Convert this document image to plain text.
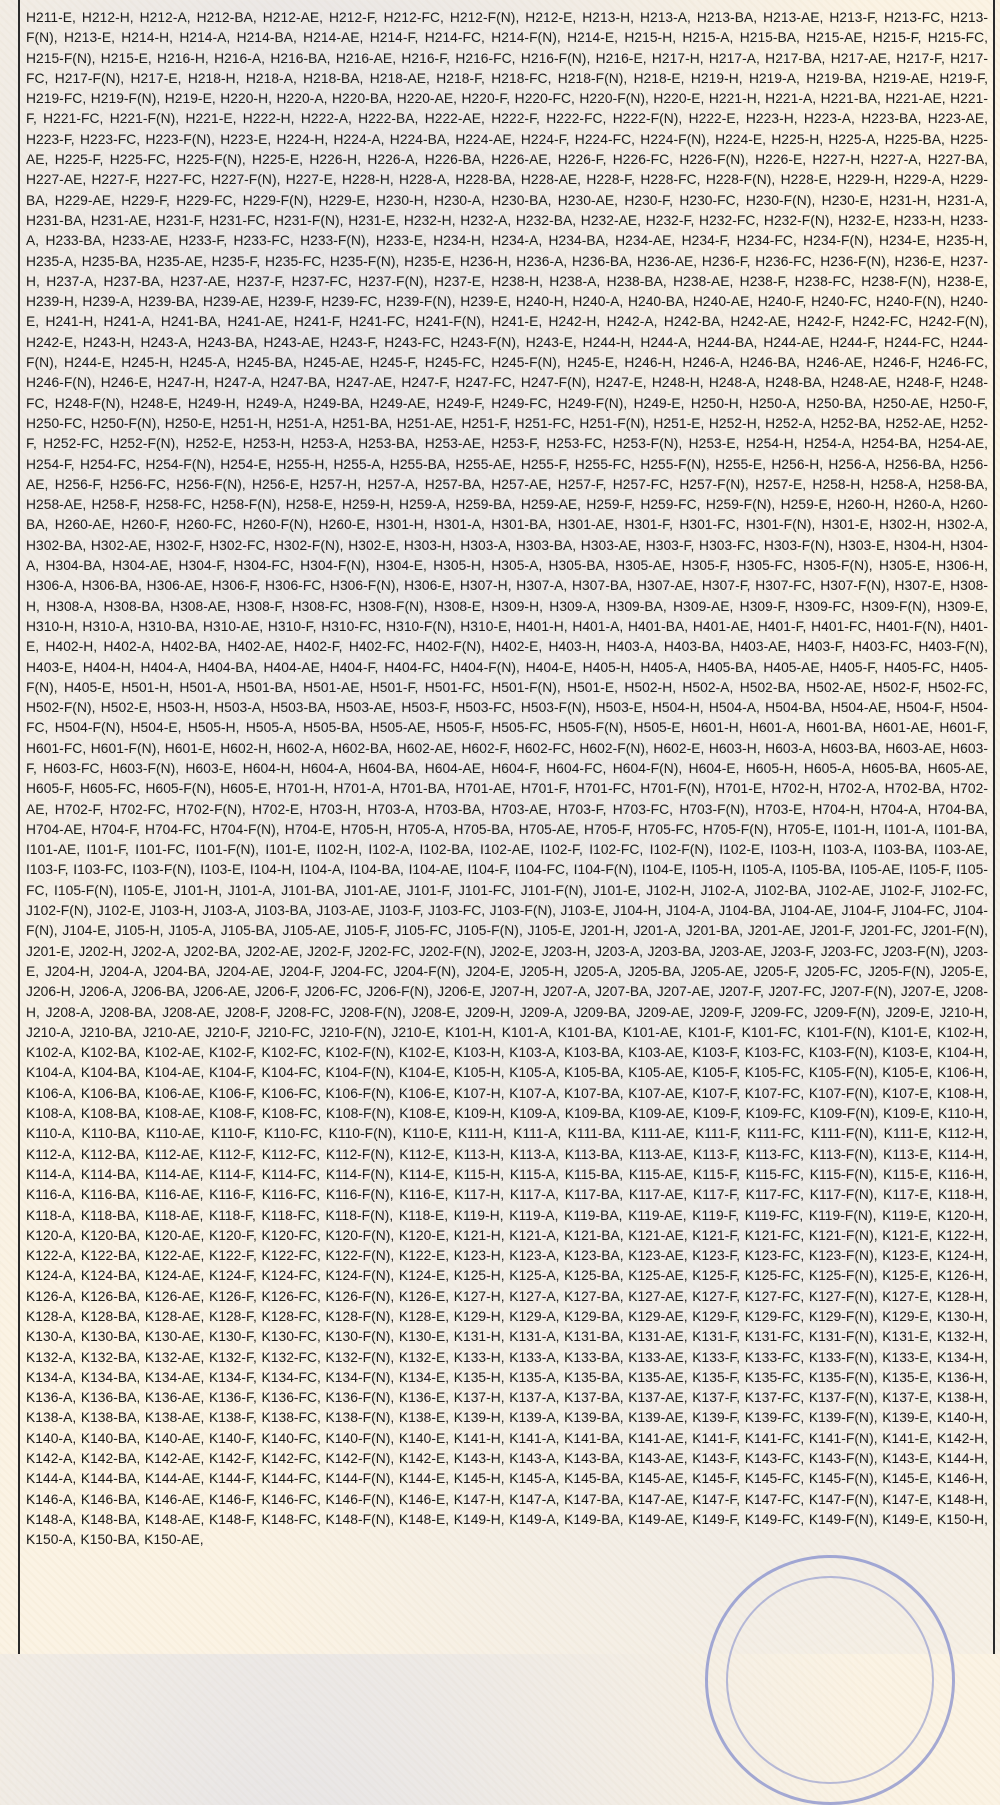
H211-E, H212-H, H212-A, H212-BA, H212-AE, H212-F, H212-FC, H212-F(N), H212-E, H213-H, H213-A, H213-BA, H213-AE, H213-F, H213-FC, H213-F(N), H213-E, H214-H, H214-A, H214-BA, H214-AE, H214-F, H214-FC, H214-F(N), H214-E, H215-H, H215-A, H215-BA, H215-AE, H215-F, H215-FC, H215-F(N), H215-E, H216-H, H216-A, H216-BA, H216-AE, H216-F, H216-FC, H216-F(N), H216-E, H217-H, H217-A, H217-BA, H217-AE, H217-F, H217-FC, H217-F(N), H217-E, H218-H, H218-A, H218-BA, H218-AE, H218-F, H218-FC, H218-F(N), H218-E, H219-H, H219-A, H219-BA, H219-AE, H219-F, H219-FC, H219-F(N), H219-E, H220-H, H220-A, H220-BA, H220-AE, H220-F, H220-FC, H220-F(N), H220-E, H221-H, H221-A, H221-BA, H221-AE, H221-F, H221-FC, H221-F(N), H221-E, H222-H, H222-A, H222-BA, H222-AE, H222-F, H222-FC, H222-F(N), H222-E, H223-H, H223-A, H223-BA, H223-AE, H223-F, H223-FC, H223-F(N), H223-E, H224-H, H224-A, H224-BA, H224-AE, H224-F, H224-FC, H224-F(N), H224-E, H225-H, H225-A, H225-BA, H225-AE, H225-F, H225-FC, H225-F(N), H225-E, H226-H, H226-A, H226-BA, H226-AE, H226-F, H226-FC, H226-F(N), H226-E, H227-H, H227-A, H227-BA, H227-AE, H227-F, H227-FC, H227-F(N), H227-E, H228-H, H228-A, H228-BA, H228-AE, H228-F, H228-FC, H228-F(N), H228-E, H229-H, H229-A, H229-BA, H229-AE, H229-F, H229-FC, H229-F(N), H229-E, H230-H, H230-A, H230-BA, H230-AE, H230-F, H230-FC, H230-F(N), H230-E, H231-H, H231-A, H231-BA, H231-AE, H231-F, H231-FC, H231-F(N), H231-E, H232-H, H232-A, H232-BA, H232-AE, H232-F, H232-FC, H232-F(N), H232-E, H233-H, H233-A, H233-BA, H233-AE, H233-F, H233-FC, H233-F(N), H233-E, H234-H, H234-A, H234-BA, H234-AE, H234-F, H234-FC, H234-F(N), H234-E, H235-H, H235-A, H235-BA, H235-AE, H235-F, H235-FC, H235-F(N), H235-E, H236-H, H236-A, H236-BA, H236-AE, H236-F, H236-FC, H236-F(N), H236-E, H237-H, H237-A, H237-BA, H237-AE, H237-F, H237-FC, H237-F(N), H237-E, H238-H, H238-A, H238-BA, H238-AE, H238-F, H238-FC, H238-F(N), H238-E, H239-H, H239-A, H239-BA, H239-AE, H239-F, H239-FC, H239-F(N), H239-E, H240-H, H240-A, H240-BA, H240-AE, H240-F, H240-FC, H240-F(N), H240-E, H241-H, H241-A, H241-BA, H241-AE, H241-F, H241-FC, H241-F(N), H241-E, H242-H, H242-A, H242-BA, H242-AE, H242-F, H242-FC, H242-F(N), H242-E, H243-H, H243-A, H243-BA, H243-AE, H243-F, H243-FC, H243-F(N), H243-E, H244-H, H244-A, H244-BA, H244-AE, H244-F, H244-FC, H244-F(N), H244-E, H245-H, H245-A, H245-BA, H245-AE, H245-F, H245-FC, H245-F(N), H245-E, H246-H, H246-A, H246-BA, H246-AE, H246-F, H246-FC, H246-F(N), H246-E, H247-H, H247-A, H247-BA, H247-AE, H247-F, H247-FC, H247-F(N), H247-E, H248-H, H248-A, H248-BA, H248-AE, H248-F, H248-FC, H248-F(N), H248-E, H249-H, H249-A, H249-BA, H249-AE, H249-F, H249-FC, H249-F(N), H249-E, H250-H, H250-A, H250-BA, H250-AE, H250-F, H250-FC, H250-F(N), H250-E, H251-H, H251-A, H251-BA, H251-AE, H251-F, H251-FC, H251-F(N), H251-E, H252-H, H252-A, H252-BA, H252-AE, H252-F, H252-FC, H252-F(N), H252-E, H253-H, H253-A, H253-BA, H253-AE, H253-F, H253-FC, H253-F(N), H253-E, H254-H, H254-A, H254-BA, H254-AE, H254-F, H254-FC, H254-F(N), H254-E, H255-H, H255-A, H255-BA, H255-AE, H255-F, H255-FC, H255-F(N), H255-E, H256-H, H256-A, H256-BA, H256-AE, H256-F, H256-FC, H256-F(N), H256-E, H257-H, H257-A, H257-BA, H257-AE, H257-F, H257-FC, H257-F(N), H257-E, H258-H, H258-A, H258-BA, H258-AE, H258-F, H258-FC, H258-F(N), H258-E, H259-H, H259-A, H259-BA, H259-AE, H259-F, H259-FC, H259-F(N), H259-E, H260-H, H260-A, H260-BA, H260-AE, H260-F, H260-FC, H260-F(N), H260-E, H301-H, H301-A, H301-BA, H301-AE, H301-F, H301-FC, H301-F(N), H301-E, H302-H, H302-A, H302-BA, H302-AE, H302-F, H302-FC, H302-F(N), H302-E, H303-H, H303-A, H303-BA, H303-AE, H303-F, H303-FC, H303-F(N), H303-E, H304-H, H304-A, H304-BA, H304-AE, H304-F, H304-FC, H304-F(N), H304-E, H305-H, H305-A, H305-BA, H305-AE, H305-F, H305-FC, H305-F(N), H305-E, H306-H, H306-A, H306-BA, H306-AE, H306-F, H306-FC, H306-F(N), H306-E, H307-H, H307-A, H307-BA, H307-AE, H307-F, H307-FC, H307-F(N), H307-E, H308-H, H308-A, H308-BA, H308-AE, H308-F, H308-FC, H308-F(N), H308-E, H309-H, H309-A, H309-BA, H309-AE, H309-F, H309-FC, H309-F(N), H309-E, H310-H, H310-A, H310-BA, H310-AE, H310-F, H310-FC, H310-F(N), H310-E, H401-H, H401-A, H401-BA, H401-AE, H401-F, H401-FC, H401-F(N), H401-E, H402-H, H402-A, H402-BA, H402-AE, H402-F, H402-FC, H402-F(N), H402-E, H403-H, H403-A, H403-BA, H403-AE, H403-F, H403-FC, H403-F(N), H403-E, H404-H, H404-A, H404-BA, H404-AE, H404-F, H404-FC, H404-F(N), H404-E, H405-H, H405-A, H405-BA, H405-AE, H405-F, H405-FC, H405-F(N), H405-E, H501-H, H501-A, H501-BA, H501-AE, H501-F, H501-FC, H501-F(N), H501-E, H502-H, H502-A, H502-BA, H502-AE, H502-F, H502-FC, H502-F(N), H502-E, H503-H, H503-A, H503-BA, H503-AE, H503-F, H503-FC, H503-F(N), H503-E, H504-H, H504-A, H504-BA, H504-AE, H504-F, H504-FC, H504-F(N), H504-E, H505-H, H505-A, H505-BA, H505-AE, H505-F, H505-FC, H505-F(N), H505-E, H601-H, H601-A, H601-BA, H601-AE, H601-F, H601-FC, H601-F(N), H601-E, H602-H, H602-A, H602-BA, H602-AE, H602-F, H602-FC, H602-F(N), H602-E, H603-H, H603-A, H603-BA, H603-AE, H603-F, H603-FC, H603-F(N), H603-E, H604-H, H604-A, H604-BA, H604-AE, H604-F, H604-FC, H604-F(N), H604-E, H605-H, H605-A, H605-BA, H605-AE, H605-F, H605-FC, H605-F(N), H605-E, H701-H, H701-A, H701-BA, H701-AE, H701-F, H701-FC, H701-F(N), H701-E, H702-H, H702-A, H702-BA, H702-AE, H702-F, H702-FC, H702-F(N), H702-E, H703-H, H703-A, H703-BA, H703-AE, H703-F, H703-FC, H703-F(N), H703-E, H704-H, H704-A, H704-BA, H704-AE, H704-F, H704-FC, H704-F(N), H704-E, H705-H, H705-A, H705-BA, H705-AE, H705-F, H705-FC, H705-F(N), H705-E, I101-H, I101-A, I101-BA, I101-AE, I101-F, I101-FC, I101-F(N), I101-E, I102-H, I102-A, I102-BA, I102-AE, I102-F, I102-FC, I102-F(N), I102-E, I103-H, I103-A, I103-BA, I103-AE, I103-F, I103-FC, I103-F(N), I103-E, I104-H, I104-A, I104-BA, I104-AE, I104-F, I104-FC, I104-F(N), I104-E, I105-H, I105-A, I105-BA, I105-AE, I105-F, I105-FC, I105-F(N), I105-E, J101-H, J101-A, J101-BA, J101-AE, J101-F, J101-FC, J101-F(N), J101-E, J102-H, J102-A, J102-BA, J102-AE, J102-F, J102-FC, J102-F(N), J102-E, J103-H, J103-A, J103-BA, J103-AE, J103-F, J103-FC, J103-F(N), J103-E, J104-H, J104-A, J104-BA, J104-AE, J104-F, J104-FC, J104-F(N), J104-E, J105-H, J105-A, J105-BA, J105-AE, J105-F, J105-FC, J105-F(N), J105-E, J201-H, J201-A, J201-BA, J201-AE, J201-F, J201-FC, J201-F(N), J201-E, J202-H, J202-A, J202-BA, J202-AE, J202-F, J202-FC, J202-F(N), J202-E, J203-H, J203-A, J203-BA, J203-AE, J203-F, J203-FC, J203-F(N), J203-E, J204-H, J204-A, J204-BA, J204-AE, J204-F, J204-FC, J204-F(N), J204-E, J205-H, J205-A, J205-BA, J205-AE, J205-F, J205-FC, J205-F(N), J205-E, J206-H, J206-A, J206-BA, J206-AE, J206-F, J206-FC, J206-F(N), J206-E, J207-H, J207-A, J207-BA, J207-AE, J207-F, J207-FC, J207-F(N), J207-E, J208-H, J208-A, J208-BA, J208-AE, J208-F, J208-FC, J208-F(N), J208-E, J209-H, J209-A, J209-BA, J209-AE, J209-F, J209-FC, J209-F(N), J209-E, J210-H, J210-A, J210-BA, J210-AE, J210-F, J210-FC, J210-F(N), J210-E, K101-H, K101-A, K101-BA, K101-AE, K101-F, K101-FC, K101-F(N), K101-E, K102-H, K102-A, K102-BA, K102-AE, K102-F, K102-FC, K102-F(N), K102-E, K103-H, K103-A, K103-BA, K103-AE, K103-F, K103-FC, K103-F(N), K103-E, K104-H, K104-A, K104-BA, K104-AE, K104-F, K104-FC, K104-F(N), K104-E, K105-H, K105-A, K105-BA, K105-AE, K105-F, K105-FC, K105-F(N), K105-E, K106-H, K106-A, K106-BA, K106-AE, K106-F, K106-FC, K106-F(N), K106-E, K107-H, K107-A, K107-BA, K107-AE, K107-F, K107-FC, K107-F(N), K107-E, K108-H, K108-A, K108-BA, K108-AE, K108-F, K108-FC, K108-F(N), K108-E, K109-H, K109-A, K109-BA, K109-AE, K109-F, K109-FC, K109-F(N), K109-E, K110-H, K110-A, K110-BA, K110-AE, K110-F, K110-FC, K110-F(N), K110-E, K111-H, K111-A, K111-BA, K111-AE, K111-F, K111-FC, K111-F(N), K111-E, K112-H, K112-A, K112-BA, K112-AE, K112-F, K112-FC, K112-F(N), K112-E, K113-H, K113-A, K113-BA, K113-AE, K113-F, K113-FC, K113-F(N), K113-E, K114-H, K114-A, K114-BA, K114-AE, K114-F, K114-FC, K114-F(N), K114-E, K115-H, K115-A, K115-BA, K115-AE, K115-F, K115-FC, K115-F(N), K115-E, K116-H, K116-A, K116-BA, K116-AE, K116-F, K116-FC, K116-F(N), K116-E, K117-H, K117-A, K117-BA, K117-AE, K117-F, K117-FC, K117-F(N), K117-E, K118-H, K118-A, K118-BA, K118-AE, K118-F, K118-FC, K118-F(N), K118-E, K119-H, K119-A, K119-BA, K119-AE, K119-F, K119-FC, K119-F(N), K119-E, K120-H, K120-A, K120-BA, K120-AE, K120-F, K120-FC, K120-F(N), K120-E, K121-H, K121-A, K121-BA, K121-AE, K121-F, K121-FC, K121-F(N), K121-E, K122-H, K122-A, K122-BA, K122-AE, K122-F, K122-FC, K122-F(N), K122-E, K123-H, K123-A, K123-BA, K123-AE, K123-F, K123-FC, K123-F(N), K123-E, K124-H, K124-A, K124-BA, K124-AE, K124-F, K124-FC, K124-F(N), K124-E, K125-H, K125-A, K125-BA, K125-AE, K125-F, K125-FC, K125-F(N), K125-E, K126-H, K126-A, K126-BA, K126-AE, K126-F, K126-FC, K126-F(N), K126-E, K127-H, K127-A, K127-BA, K127-AE, K127-F, K127-FC, K127-F(N), K127-E, K128-H, K128-A, K128-BA, K128-AE, K128-F, K128-FC, K128-F(N), K128-E, K129-H, K129-A, K129-BA, K129-AE, K129-F, K129-FC, K129-F(N), K129-E, K130-H, K130-A, K130-BA, K130-AE, K130-F, K130-FC, K130-F(N), K130-E, K131-H, K131-A, K131-BA, K131-AE, K131-F, K131-FC, K131-F(N), K131-E, K132-H, K132-A, K132-BA, K132-AE, K132-F, K132-FC, K132-F(N), K132-E, K133-H, K133-A, K133-BA, K133-AE, K133-F, K133-FC, K133-F(N), K133-E, K134-H, K134-A, K134-BA, K134-AE, K134-F, K134-FC, K134-F(N), K134-E, K135-H, K135-A, K135-BA, K135-AE, K135-F, K135-FC, K135-F(N), K135-E, K136-H, K136-A, K136-BA, K136-AE, K136-F, K136-FC, K136-F(N), K136-E, K137-H, K137-A, K137-BA, K137-AE, K137-F, K137-FC, K137-F(N), K137-E, K138-H, K138-A, K138-BA, K138-AE, K138-F, K138-FC, K138-F(N), K138-E, K139-H, K139-A, K139-BA, K139-AE, K139-F, K139-FC, K139-F(N), K139-E, K140-H, K140-A, K140-BA, K140-AE, K140-F, K140-FC, K140-F(N), K140-E, K141-H, K141-A, K141-BA, K141-AE, K141-F, K141-FC, K141-F(N), K141-E, K142-H, K142-A, K142-BA, K142-AE, K142-F, K142-FC, K142-F(N), K142-E, K143-H, K143-A, K143-BA, K143-AE, K143-F, K143-FC, K143-F(N), K143-E, K144-H, K144-A, K144-BA, K144-AE, K144-F, K144-FC, K144-F(N), K144-E, K145-H, K145-A, K145-BA, K145-AE, K145-F, K145-FC, K145-F(N), K145-E, K146-H, K146-A, K146-BA, K146-AE, K146-F, K146-FC, K146-F(N), K146-E, K147-H, K147-A, K147-BA, K147-AE, K147-F, K147-FC, K147-F(N), K147-E, K148-H, K148-A, K148-BA, K148-AE, K148-F, K148-FC, K148-F(N), K148-E, K149-H, K149-A, K149-BA, K149-AE, K149-F, K149-FC, K149-F(N), K149-E, K150-H, K150-A, K150-BA, K150-AE,
